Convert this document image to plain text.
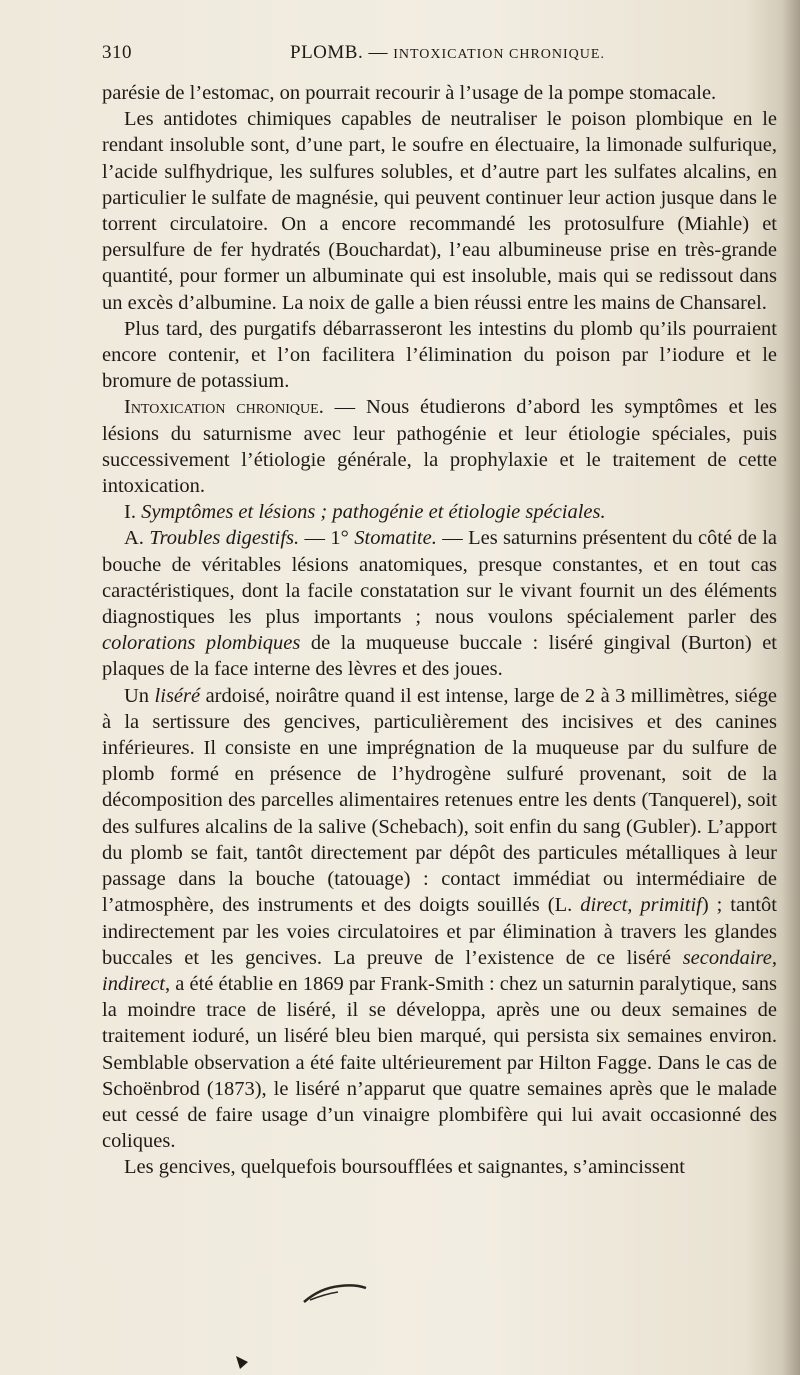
310	PLOMB. — INTOXICATION CHRONIQUE.

parésie de l’estomac, on pourrait recourir à l’usage de la pompe stomacale.

Les antidotes chimiques capables de neutraliser le poison plombique en le rendant insoluble sont, d’une part, le soufre en électuaire, la limonade sulfurique, l’acide sulfhydrique, les sulfures solubles, et d’autre part les sulfates alcalins, en particulier le sulfate de magnésie, qui peuvent continuer leur action jusque dans le torrent circulatoire. On a encore recommandé les protosulfure (Miahle) et persulfure de fer hydratés (Bouchardat), l’eau albumineuse prise en très-grande quantité, pour former un albuminate qui est insoluble, mais qui se redissout dans un excès d’albumine. La noix de galle a bien réussi entre les mains de Chansarel.

Plus tard, des purgatifs débarrasseront les intestins du plomb qu’ils pourraient encore contenir, et l’on facilitera l’élimination du poison par l’iodure et le bromure de potassium.

Intoxication chronique. — Nous étudierons d’abord les symptômes et les lésions du saturnisme avec leur pathogénie et leur étiologie spéciales, puis successivement l’étiologie générale, la prophylaxie et le traitement de cette intoxication.

I. Symptômes et lésions ; pathogénie et étiologie spéciales.

A. Troubles digestifs. — 1° Stomatite. — Les saturnins présentent du côté de la bouche de véritables lésions anatomiques, presque constantes, et en tout cas caractéristiques, dont la facile constatation sur le vivant fournit un des éléments diagnostiques les plus importants ; nous voulons spécialement parler des colorations plombiques de la muqueuse buccale : liséré gingival (Burton) et plaques de la face interne des lèvres et des joues.

Un liséré ardoisé, noirâtre quand il est intense, large de 2 à 3 millimètres, siége à la sertissure des gencives, particulièrement des incisives et des canines inférieures. Il consiste en une imprégnation de la muqueuse par du sulfure de plomb formé en présence de l’hydrogène sulfuré provenant, soit de la décomposition des parcelles alimentaires retenues entre les dents (Tanquerel), soit des sulfures alcalins de la salive (Schebach), soit enfin du sang (Gubler). L’apport du plomb se fait, tantôt directement par dépôt des particules métalliques à leur passage dans la bouche (tatouage) : contact immédiat ou intermédiaire de l’atmosphère, des instruments et des doigts souillés (L. direct, primitif) ; tantôt indirectement par les voies circulatoires et par élimination à travers les glandes buccales et les gencives. La preuve de l’existence de ce liséré secondaire, indirect, a été établie en 1869 par Frank-Smith : chez un saturnin paralytique, sans la moindre trace de liséré, il se développa, après une ou deux semaines de traitement ioduré, un liséré bleu bien marqué, qui persista six semaines environ. Semblable observation a été faite ultérieurement par Hilton Fagge. Dans le cas de Schoënbrod (1873), le liséré n’apparut que quatre semaines après que le malade eut cessé de faire usage d’un vinaigre plombifère qui lui avait occasionné des coliques.

Les gencives, quelquefois boursoufflées et saignantes, s’amincissent
